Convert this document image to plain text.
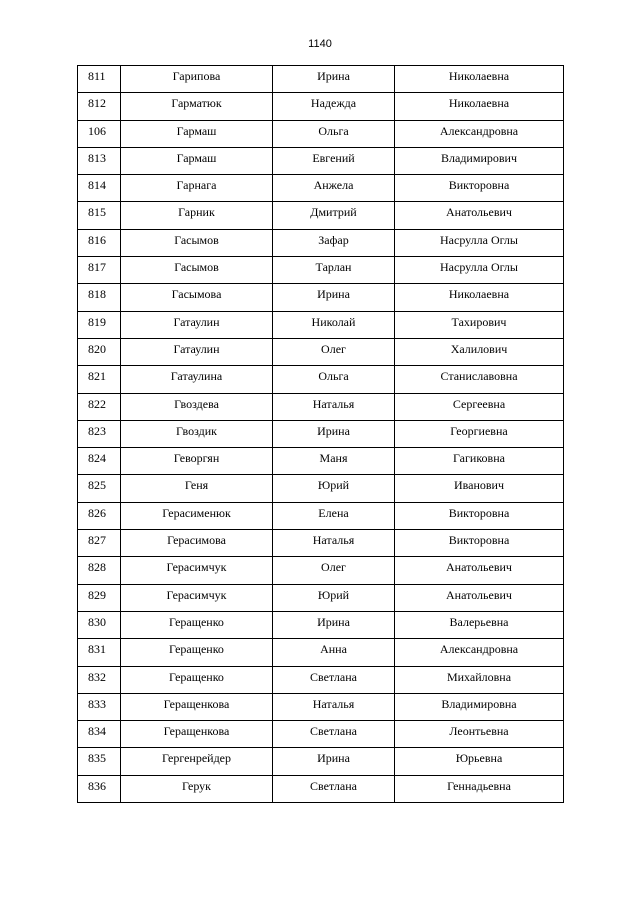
1140
811	Гарипова	Ирина	Николаевна
812	Гарматюк	Надежда	Николаевна
106	Гармаш	Ольга	Александровна
813	Гармаш	Евгений	Владимирович
814	Гарнага	Анжела	Викторовна
815	Гарник	Дмитрий	Анатольевич
816	Гасымов	Зафар	Насрулла Оглы
817	Гасымов	Тарлан	Насрулла Оглы
818	Гасымова	Ирина	Николаевна
819	Гатаулин	Николай	Тахирович
820	Гатаулин	Олег	Халилович
821	Гатаулина	Ольга	Станиславовна
822	Гвоздева	Наталья	Сергеевна
823	Гвоздик	Ирина	Георгиевна
824	Геворгян	Маня	Гагиковна
825	Геня	Юрий	Иванович
826	Герасименюк	Елена	Викторовна
827	Герасимова	Наталья	Викторовна
828	Герасимчук	Олег	Анатольевич
829	Герасимчук	Юрий	Анатольевич
830	Геращенко	Ирина	Валерьевна
831	Геращенко	Анна	Александровна
832	Геращенко	Светлана	Михайловна
833	Геращенкова	Наталья	Владимировна
834	Геращенкова	Светлана	Леонтьевна
835	Гергенрейдер	Ирина	Юрьевна
836	Герук	Светлана	Геннадьевна
